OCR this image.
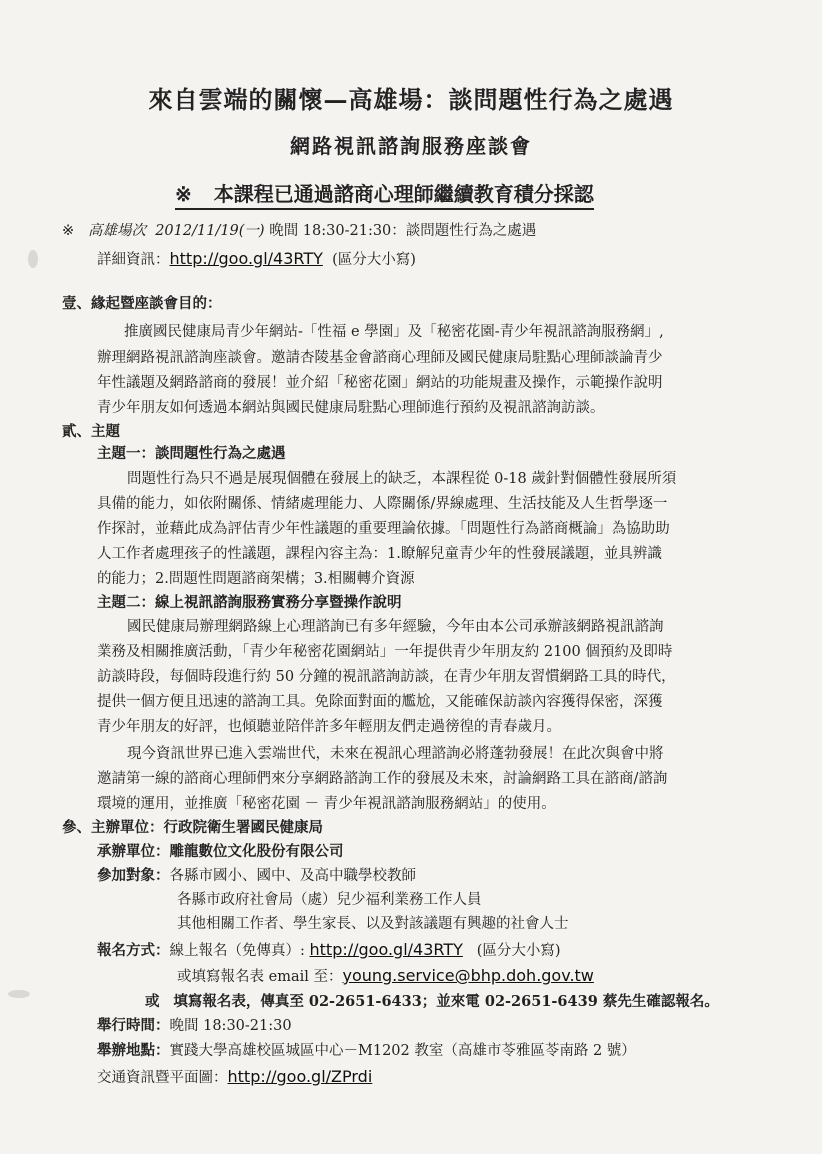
來自雲端的關懷—高雄場：談問題性行為之處遇
網路視訊諮詢服務座談會
※ 本課程已通過諮商心理師繼續教育積分採認
※ 高雄場次 2012/11/19(一) 晚間 18:30-21:30：談問題性行為之處遇
詳細資訊：http://goo.gl/43RTY (區分大小寫)
壹、緣起暨座談會目的：
推廣國民健康局青少年網站-「性福 e 學園」及「秘密花園-青少年視訊諮詢服務網」,
辦理網路視訊諮詢座談會。邀請杏陵基金會諮商心理師及國民健康局駐點心理師談論青少
年性議題及網路諮商的發展！並介紹「秘密花園」網站的功能規畫及操作，示範操作說明
青少年朋友如何透過本網站與國民健康局駐點心理師進行預約及視訊諮詢訪談。
貳、主題
主題一：談問題性行為之處遇
問題性行為只不過是展現個體在發展上的缺乏，本課程從 0-18 歲針對個體性發展所須
具備的能力，如依附關係、情緒處理能力、人際關係/界線處理、生活技能及人生哲學逐一
作探討，並藉此成為評估青少年性議題的重要理論依據。「問題性行為諮商概論」為協助助
人工作者處理孩子的性議題，課程內容主為：1.瞭解兒童青少年的性發展議題，並具辨識
的能力；2.問題性問題諮商架構；3.相關轉介資源
主題二：線上視訊諮詢服務實務分享暨操作說明
國民健康局辦理網路線上心理諮詢已有多年經驗，今年由本公司承辦該網路視訊諮詢
業務及相關推廣活動，「青少年秘密花園網站」一年提供青少年朋友約 2100 個預約及即時
訪談時段，每個時段進行約 50 分鐘的視訊諮詢訪談，在青少年朋友習慣網路工具的時代，
提供一個方便且迅速的諮詢工具。免除面對面的尷尬，又能確保訪談內容獲得保密，深獲
青少年朋友的好評，也傾聽並陪伴許多年輕朋友們走過徬徨的青春歲月。
現今資訊世界已進入雲端世代，未來在視訊心理諮詢必將蓬勃發展！在此次與會中將
邀請第一線的諮商心理師們來分享網路諮詢工作的發展及未來，討論網路工具在諮商/諮詢
環境的運用，並推廣「秘密花園 － 青少年視訊諮詢服務網站」的使用。
參、主辦單位：行政院衛生署國民健康局
承辦單位：雕龍數位文化股份有限公司
參加對象：各縣市國小、國中、及高中職學校教師
各縣市政府社會局（處）兒少福利業務工作人員
其他相關工作者、學生家長、以及對該議題有興趣的社會人士
報名方式：線上報名（免傳真）: http://goo.gl/43RTY (區分大小寫)
或填寫報名表 email 至：young.service@bhp.doh.gov.tw
或 填寫報名表，傳真至 02-2651-6433；並來電 02-2651-6439 蔡先生確認報名。
舉行時間：晚間 18:30-21:30
舉辦地點：實踐大學高雄校區城區中心－M1202 教室（高雄市苓雅區苓南路 2 號）
交通資訊暨平面圖：http://goo.gl/ZPrdi
